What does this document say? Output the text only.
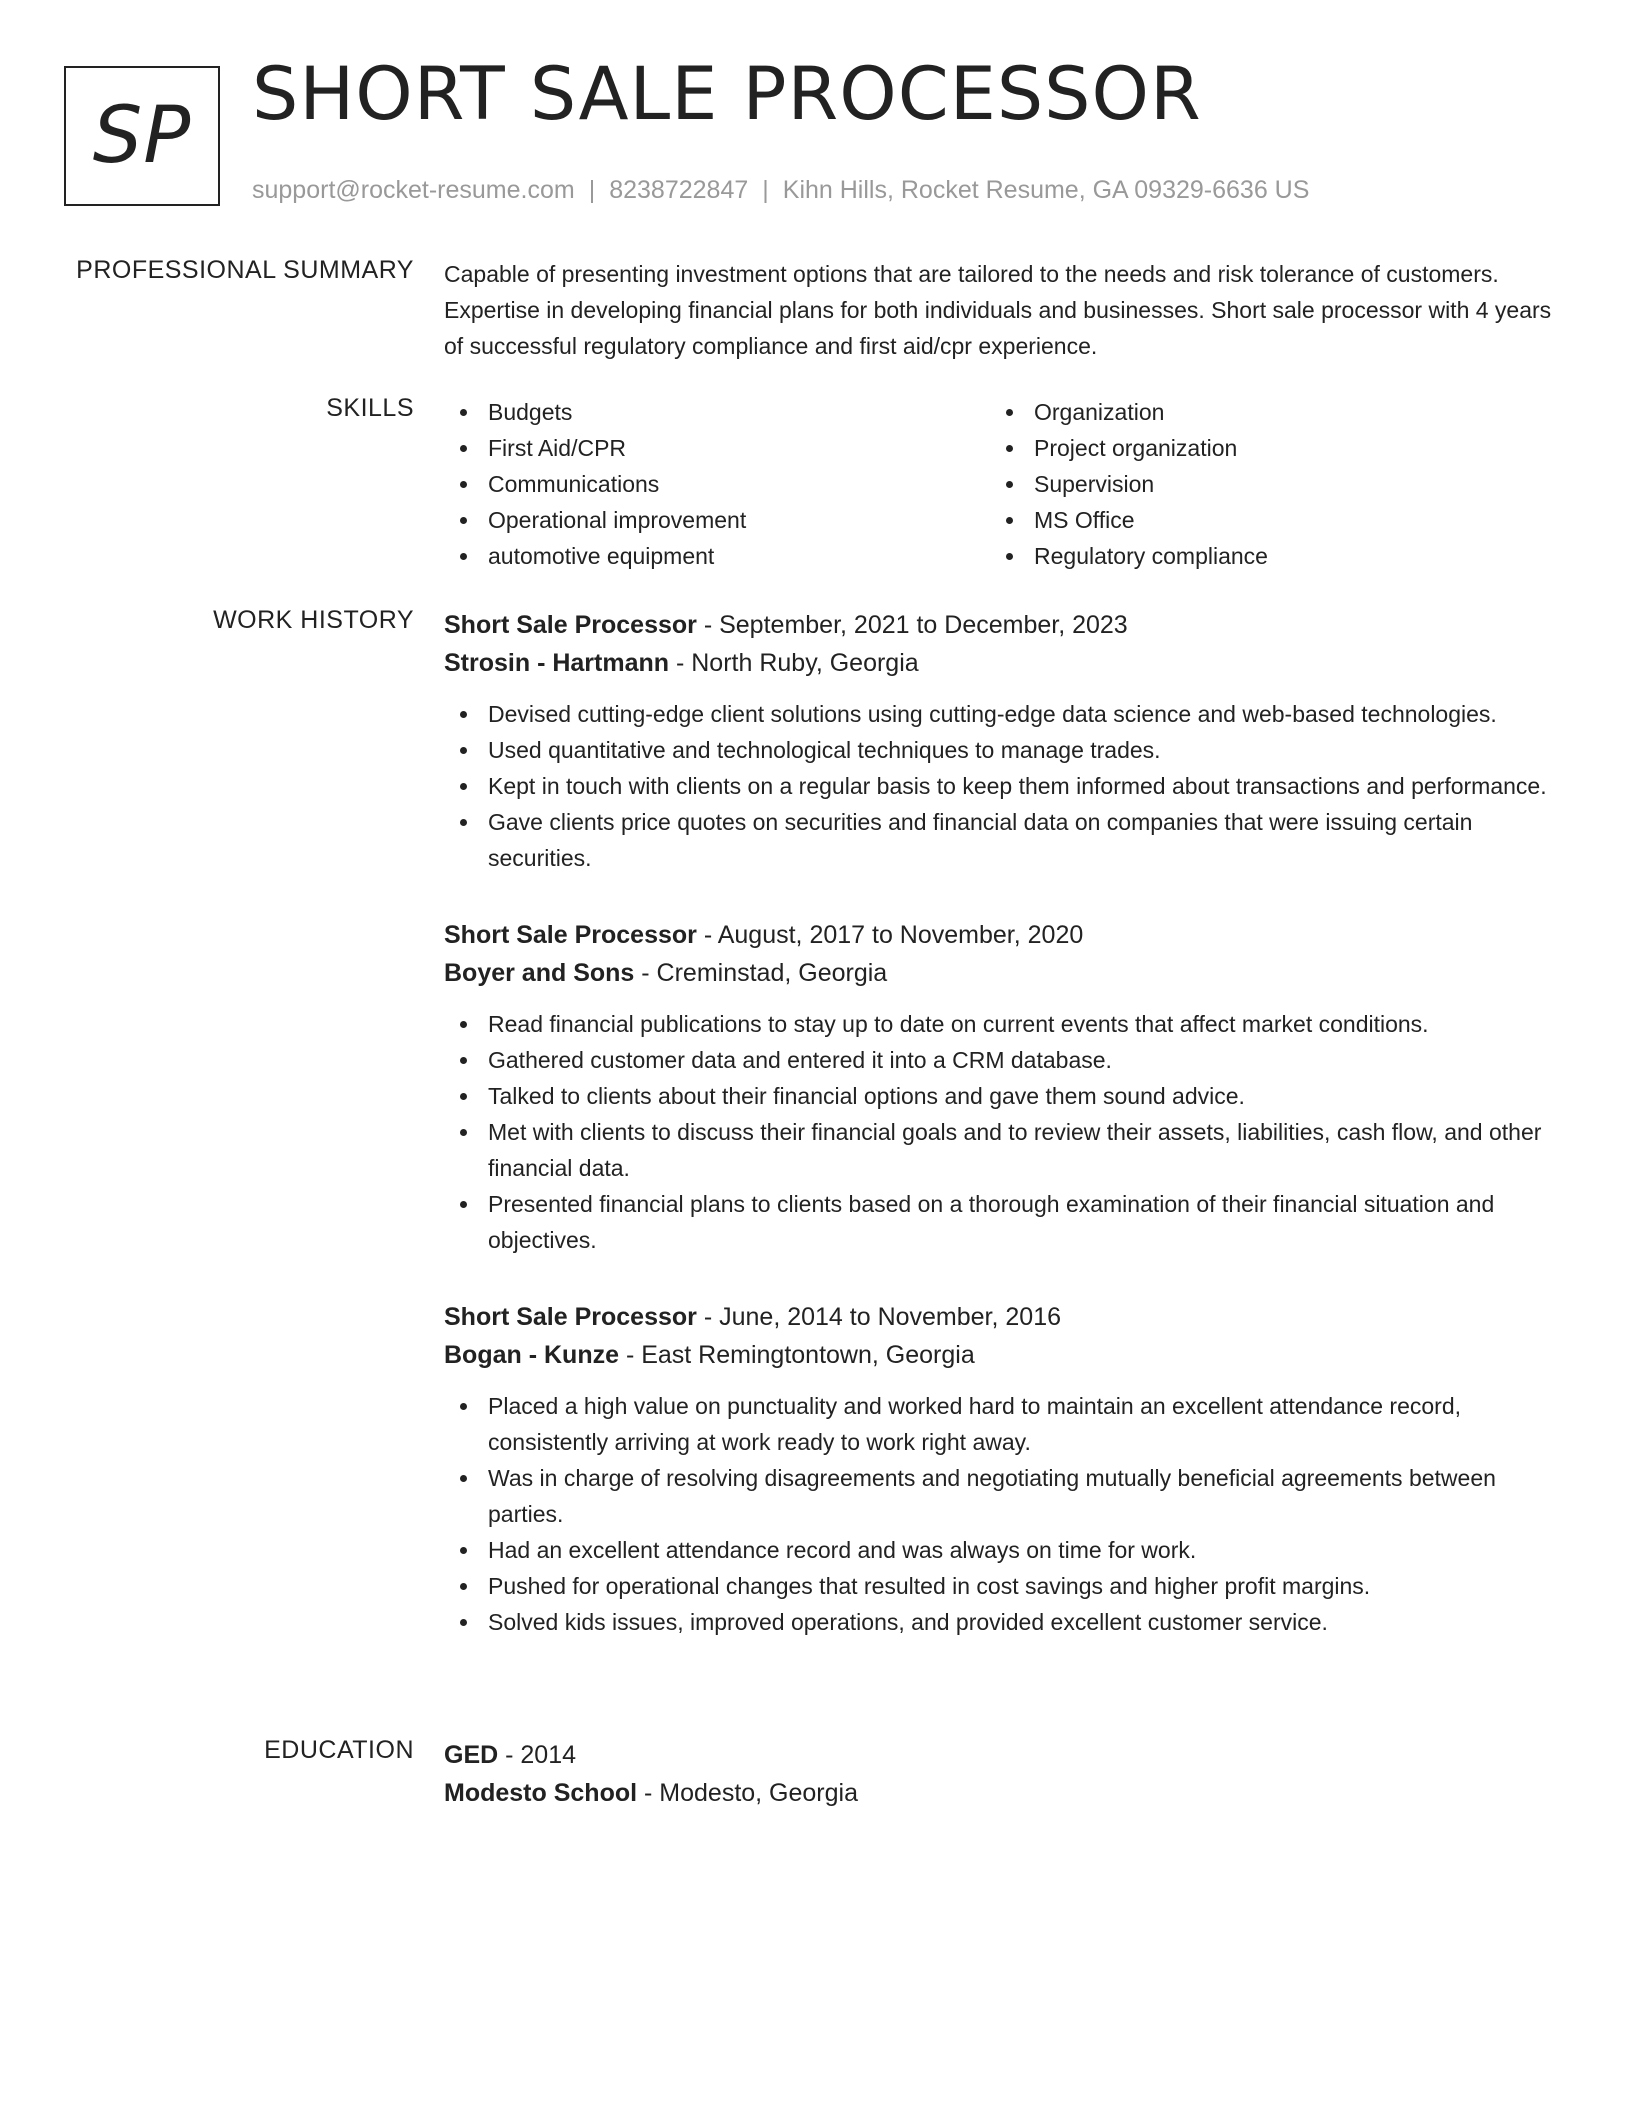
SP SHORT SALE PROCESSOR
support@rocket-resume.com | 8238722847 | Kihn Hills, Rocket Resume, GA 09329-6636 US
PROFESSIONAL SUMMARY Capable of presenting investment options that are tailored to the needs and risk tolerance of customers. Expertise in developing financial plans for both individuals and businesses. Short sale processor with 4 years of successful regulatory compliance and first aid/cpr experience.

SKILLS	Budgets
First Aid/CPR
Communications
Operational improvement
automotive equipment
Organization
Project organization
Supervision
MS Office
Regulatory compliance
WORK HISTORY Short Sale Processor - September, 2021 to December, 2023
Strosin - Hartmann - North Ruby, Georgia
Devised cutting-edge client solutions using cutting-edge data science and web-based technologies.
Used quantitative and technological techniques to manage trades.
Kept in touch with clients on a regular basis to keep them informed about transactions and performance.
Gave clients price quotes on securities and financial data on companies that were issuing certain securities.
Short Sale Processor - August, 2017 to November, 2020
Boyer and Sons - Creminstad, Georgia
Read financial publications to stay up to date on current events that affect market conditions.
Gathered customer data and entered it into a CRM database.
Talked to clients about their financial options and gave them sound advice.
Met with clients to discuss their financial goals and to review their assets, liabilities, cash flow, and other financial data.
Presented financial plans to clients based on a thorough examination of their financial situation and objectives.
Short Sale Processor - June, 2014 to November, 2016
Bogan - Kunze - East Remingtontown, Georgia
Placed a high value on punctuality and worked hard to maintain an excellent attendance record, consistently arriving at work ready to work right away.
Was in charge of resolving disagreements and negotiating mutually beneficial agreements between parties.
Had an excellent attendance record and was always on time for work.
Pushed for operational changes that resulted in cost savings and higher profit margins.
Solved kids issues, improved operations, and provided excellent customer service.
EDUCATION GED - 2014
Modesto School - Modesto, Georgia
